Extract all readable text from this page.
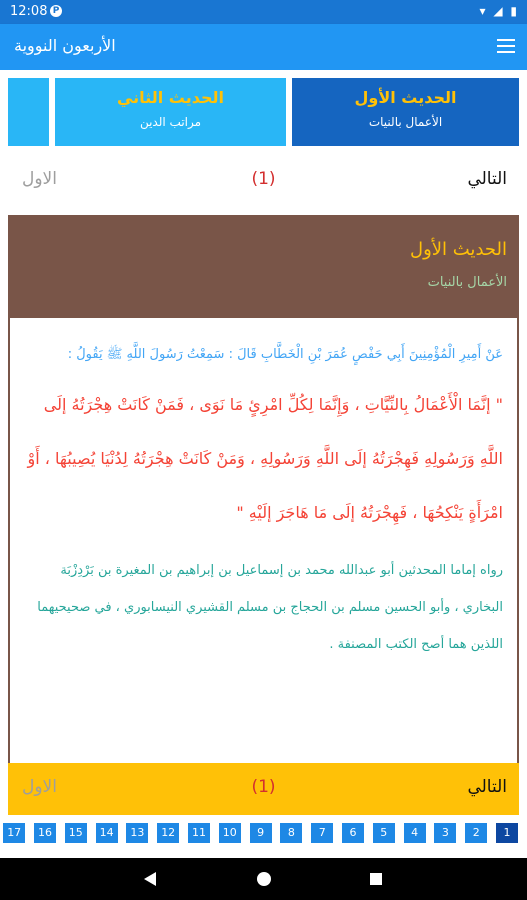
12:08 P	▾ ◢ ▮
الأربعون النووية
الحديث الأول
الأعمال بالنيات
الحديث الثاني
مراتب الدين
التالي
(1)
الاول
الحديث الأول
الأعمال بالنيات
عَنْ أَمِيرِ الْمُؤْمِنِينَ أَبِي حَفْصٍ عُمَرَ بْنِ الْخَطَّابِ قَالَ : سَمِعْتُ رَسُولَ اللَّهِ ﷺ يَقُولُ :
" إنَّمَا الْأَعْمَالُ بِالنِّيَّاتِ ، وَإِنَّمَا لِكُلِّ امْرِئٍ مَا نَوَى ، فَمَنْ كَانَتْ هِجْرَتُهُ إلَى اللَّهِ وَرَسُولِهِ فَهِجْرَتُهُ إلَى اللَّهِ وَرَسُولِهِ ، وَمَنْ كَانَتْ هِجْرَتُهُ لِدُنْيَا يُصِيبُهَا ، أَوْ امْرَأَةٍ يَنْكِحُهَا ، فَهِجْرَتُهُ إلَى مَا هَاجَرَ إلَيْهِ "
رواه إماما المحدثين أبو عبدالله محمد بن إسماعيل بن إبراهيم بن المغيرة بن بَرْدِزْبَة البخاري ، وأبو الحسين مسلم بن الحجاج بن مسلم القشيري النيسابوري ، في صحيحيهما اللذين هما أصح الكتب المصنفة .
التالي
(1)
الاول
1
2
3
4
5
6
7
8
9
10
11
12
13
14
15
16
17
